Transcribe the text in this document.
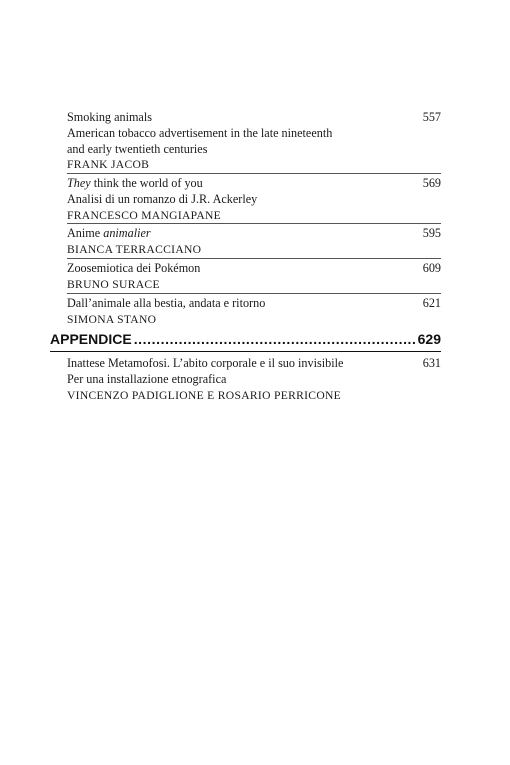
Smoking animals
American tobacco advertisement in the late nineteenth
and early twentieth centuries
FRANK JACOB
557
They think the world of you
Analisi di un romanzo di J.R. Ackerley
FRANCESCO MANGIAPANE
569
Anime animalier
BIANCA TERRACCIANO
595
Zoosemiotica dei Pokémon
BRUNO SURACE
609
Dall’animale alla bestia, andata e ritorno
SIMONA STANO
621
APPENDICE
.....	629
Inattese Metamofosi. L’abito corporale e il suo invisibile
Per una installazione etnografica
VINCENZO PADIGLIONE E ROSARIO PERRICONE
631
